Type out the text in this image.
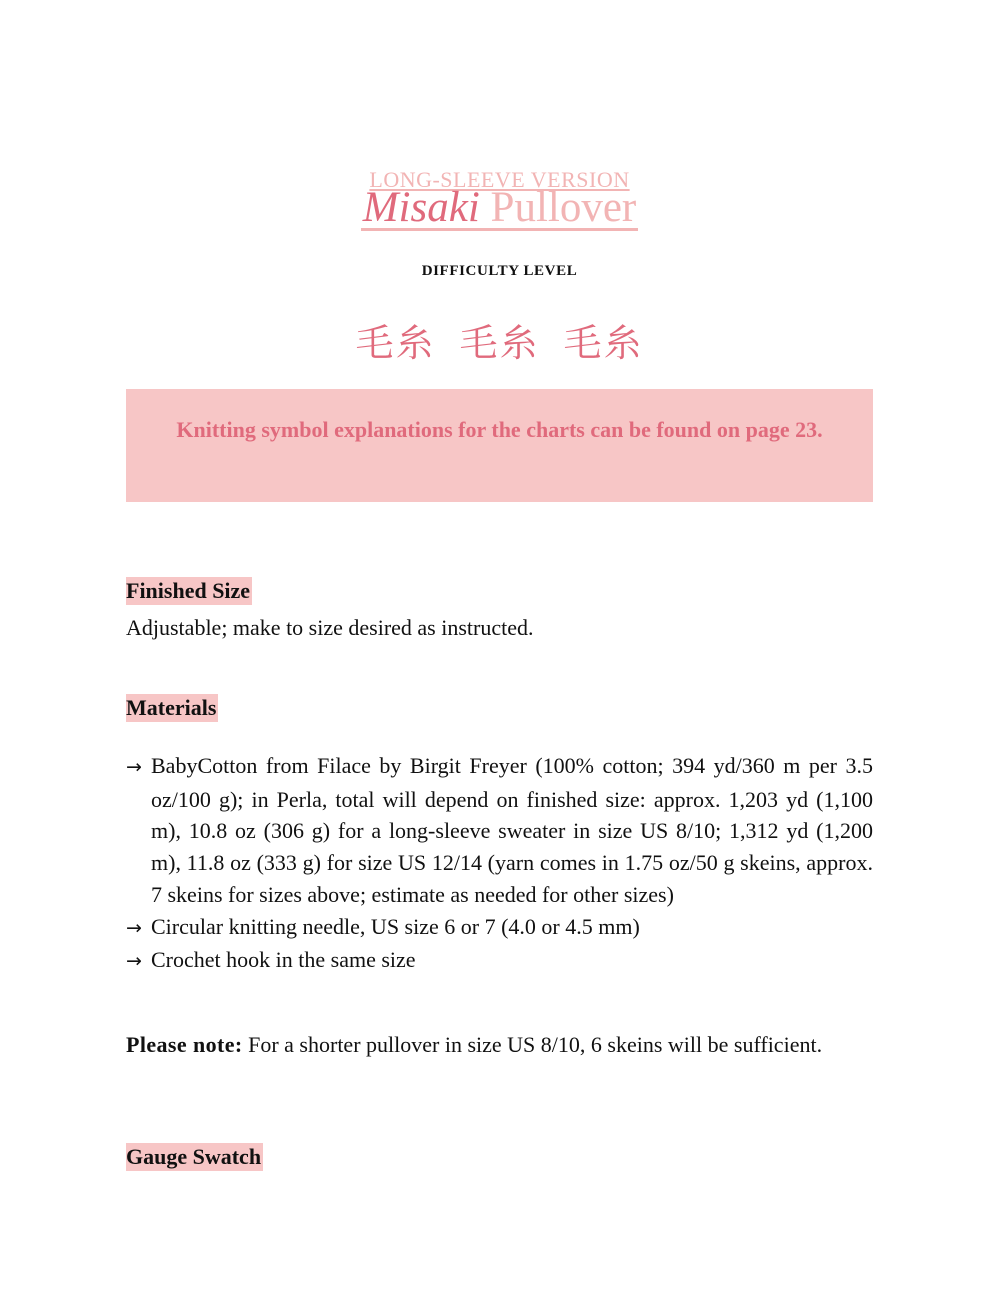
LONG-SLEEVE VERSION
Misaki Pullover
DIFFICULTY LEVEL
毛糸 毛糸 毛糸
Knitting symbol explanations for the charts can be found on page 23.
Finished Size
Adjustable; make to size desired as instructed.
Materials
→ BabyCotton from Filace by Birgit Freyer (100% cotton; 394 yd/360 m per 3.5 oz/100 g); in Perla, total will depend on finished size: approx. 1,203 yd (1,100 m), 10.8 oz (306 g) for a long-sleeve sweater in size US 8/10; 1,312 yd (1,200 m), 11.8 oz (333 g) for size US 12/14 (yarn comes in 1.75 oz/50 g skeins, approx. 7 skeins for sizes above; estimate as needed for other sizes)
→ Circular knitting needle, US size 6 or 7 (4.0 or 4.5 mm)
→ Crochet hook in the same size
Please note: For a shorter pullover in size US 8/10, 6 skeins will be sufficient.
Gauge Swatch
